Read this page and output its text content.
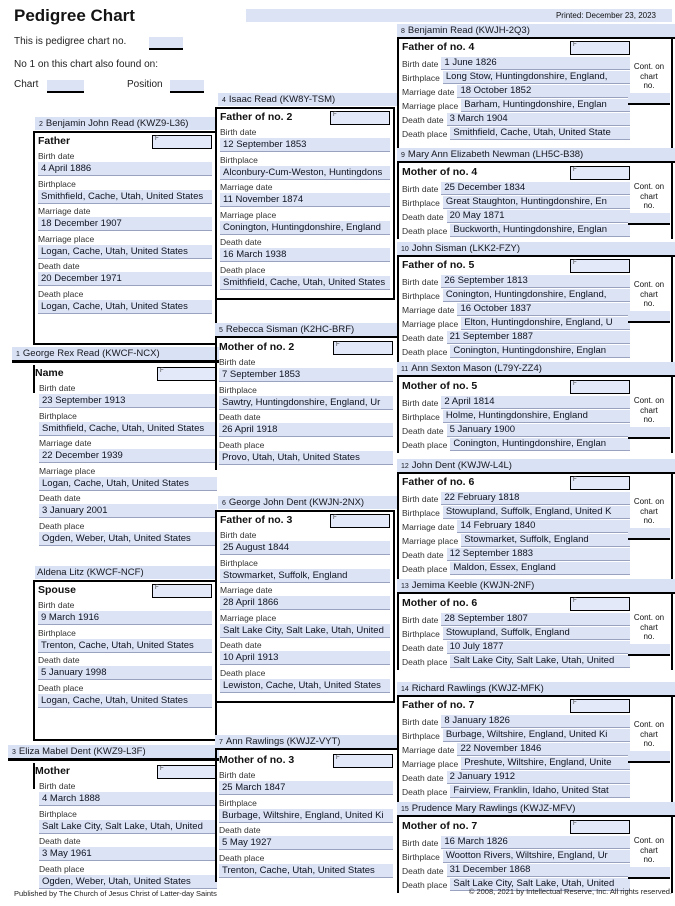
Pedigree Chart	Printed: December 23, 2023
This is pedigree chart no.
No 1 on this chart also found on:
Chart	Position
2 Benjamin John Read (KWZ9-L36)
Father	F
Birth date
4 April 1886
Birthplace
Smithfield, Cache, Utah, United States
Marriage date
18 December 1907
Marriage place
Logan, Cache, Utah, United States
Death date
20 December 1971
Death place
Logan, Cache, Utah, United States
1 George Rex Read (KWCF-NCX)
Name	F
Birth date
23 September 1913
Birthplace
Smithfield, Cache, Utah, United States
Marriage date
22 December 1939
Marriage place
Logan, Cache, Utah, United States
Death date
3 January 2001
Death place
Ogden, Weber, Utah, United States
Aldena Litz (KWCF-NCF)
Spouse	F
Birth date
9 March 1916
Birthplace
Trenton, Cache, Utah, United States
Death date
5 January 1998
Death place
Logan, Cache, Utah, United States
3 Eliza Mabel Dent (KWZ9-L3F)
Mother	F
Birth date
4 March 1888
Birthplace
Salt Lake City, Salt Lake, Utah, United
Death date
3 May 1961
Death place
Ogden, Weber, Utah, United States
4 Isaac Read (KW8Y-TSM)
Father of no. 2	F
Birth date
12 September 1853
Birthplace
Alconbury-Cum-Weston, Huntingdons
Marriage date
11 November 1874
Marriage place
Conington, Huntingdonshire, England
Death date
16 March 1938
Death place
Smithfield, Cache, Utah, United States
5 Rebecca Sisman (K2HC-BRF)
Mother of no. 2	F
Birth date
7 September 1853
Birthplace
Sawtry, Huntingdonshire, England, Ur
Death date
26 April 1918
Death place
Provo, Utah, Utah, United States
6 George John Dent (KWJN-2NX)
Father of no. 3	F
Birth date
25 August 1844
Birthplace
Stowmarket, Suffolk, England
Marriage date
28 April 1866
Marriage place
Salt Lake City, Salt Lake, Utah, United
Death date
10 April 1913
Death place
Lewiston, Cache, Utah, United States
7 Ann Rawlings (KWJZ-VYT)
Mother of no. 3	F
Birth date
25 March 1847
Birthplace
Burbage, Wiltshire, England, United Ki
Death date
5 May 1927
Death place
Trenton, Cache, Utah, United States
8 Benjamin Read (KWJH-2Q3)
Father of no. 4	F
Birth date 1 June 1826
Birthplace Long Stow, Huntingdonshire, England,
Marriage date 18 October 1852
Marriage place Barham, Huntingdonshire, Englan
Death date 3 March 1904
Death place Smithfield, Cache, Utah, United State
Cont. on
chart
no.
9 Mary Ann Elizabeth Newman (LH5C-B38)
Mother of no. 4	F
Birth date 25 December 1834
Birthplace Great Staughton, Huntingdonshire, En
Death date 20 May 1871
Death place Buckworth, Huntingdonshire, Englan
Cont. on
chart
no.
10 John Sisman (LKK2-FZY)
Father of no. 5	F
Birth date 26 September 1813
Birthplace Conington, Huntingdonshire, England,
Marriage date 16 October 1837
Marriage place Elton, Huntingdonshire, England, U
Death date 21 September 1887
Death place Conington, Huntingdonshire, Englan
Cont. on
chart
no.
11 Ann Sexton Mason (L79Y-ZZ4)
Mother of no. 5	F
Birth date 2 April 1814
Birthplace Holme, Huntingdonshire, England
Death date 5 January 1900
Death place Conington, Huntingdonshire, Englan
Cont. on
chart
no.
12 John Dent (KWJW-L4L)
Father of no. 6	F
Birth date 22 February 1818
Birthplace Stowupland, Suffolk, England, United K
Marriage date 14 February 1840
Marriage place Stowmarket, Suffolk, England
Death date 12 September 1883
Death place Maldon, Essex, England
Cont. on
chart
no.
13 Jemima Keeble (KWJN-2NF)
Mother of no. 6	F
Birth date 28 September 1807
Birthplace Stowupland, Suffolk, England
Death date 10 July 1877
Death place Salt Lake City, Salt Lake, Utah, United
Cont. on
chart
no.
14 Richard Rawlings (KWJZ-MFK)
Father of no. 7	F
Birth date 8 January 1826
Birthplace Burbage, Wiltshire, England, United Ki
Marriage date 22 November 1846
Marriage place Preshute, Wiltshire, England, Unite
Death date 2 January 1912
Death place Fairview, Franklin, Idaho, United Stat
Cont. on
chart
no.
15 Prudence Mary Rawlings (KWJZ-MFV)
Mother of no. 7	F
Birth date 16 March 1826
Birthplace Wootton Rivers, Wiltshire, England, Ur
Death date 31 December 1868
Death place Salt Lake City, Salt Lake, Utah, United
Cont. on
chart
no.
Published by The Church of Jesus Christ of Latter-day Saints	© 2008, 2021 by Intellectual Reserve, Inc. All rights reserved.
